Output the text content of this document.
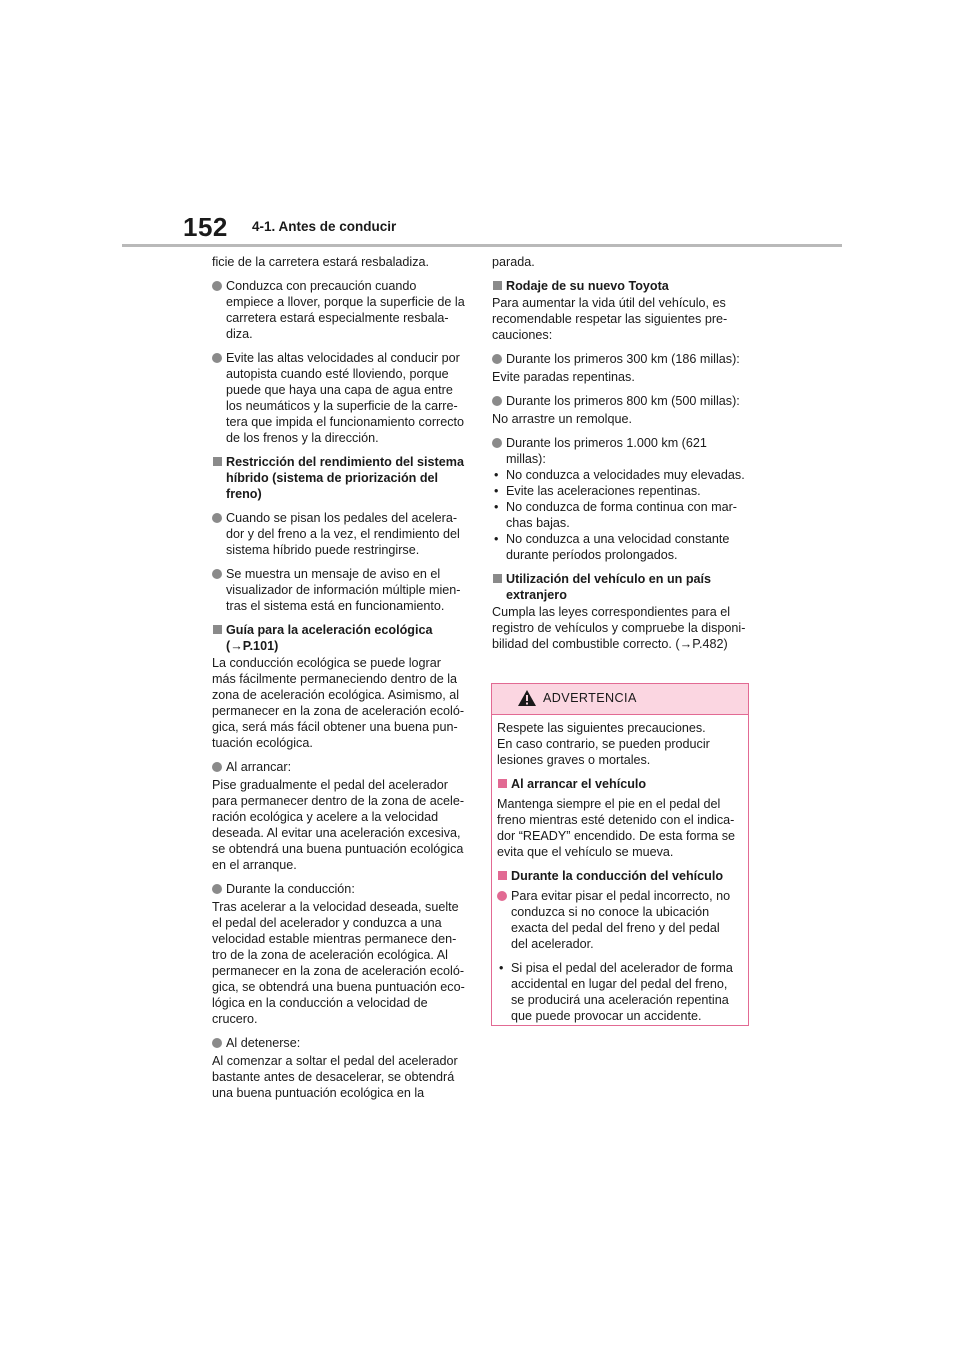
152 4-1. Antes de conducir

ficie de la carretera estará resbaladiza.

Conduzca con precaución cuando
empiece a llover, porque la superficie de la
carretera estará especialmente resbala-
diza.
Evite las altas velocidades al conducir por
autopista cuando esté lloviendo, porque
puede que haya una capa de agua entre
los neumáticos y la superficie de la carre-
tera que impida el funcionamiento correcto
de los frenos y la dirección.
Restricción del rendimiento del sistema
híbrido (sistema de priorización del
freno)
Cuando se pisan los pedales del acelera-
dor y del freno a la vez, el rendimiento del
sistema híbrido puede restringirse.
Se muestra un mensaje de aviso en el
visualizador de información múltiple mien-
tras el sistema está en funcionamiento.
Guía para la aceleración ecológica
(→P.101)

La conducción ecológica se puede lograr
más fácilmente permaneciendo dentro de la
zona de aceleración ecológica. Asimismo, al
permanecer en la zona de aceleración ecoló-
gica, será más fácil obtener una buena pun-
tuación ecológica.

Al arrancar:

Pise gradualmente el pedal del acelerador
para permanecer dentro de la zona de acele-
ración ecológica y acelere a la velocidad
deseada. Al evitar una aceleración excesiva,
se obtendrá una buena puntuación ecológica
en el arranque.

Durante la conducción:

Tras acelerar a la velocidad deseada, suelte
el pedal del acelerador y conduzca a una
velocidad estable mientras permanece den-
tro de la zona de aceleración ecológica. Al
permanecer en la zona de aceleración ecoló-
gica, se obtendrá una buena puntuación eco-
lógica en la conducción a velocidad de
crucero.

Al detenerse:

Al comenzar a soltar el pedal del acelerador
bastante antes de desacelerar, se obtendrá
una buena puntuación ecológica en la

parada.

Rodaje de su nuevo Toyota

Para aumentar la vida útil del vehículo, es
recomendable respetar las siguientes pre-
cauciones:

Durante los primeros 300 km (186 millas):

Evite paradas repentinas.

Durante los primeros 800 km (500 millas):

No arrastre un remolque.

Durante los primeros 1.000 km (621
millas):
• No conduzca a velocidades muy elevadas.
• Evite las aceleraciones repentinas.
• No conduzca de forma continua con mar-
chas bajas.
• No conduzca a una velocidad constante
durante períodos prolongados.
Utilización del vehículo en un país
extranjero

Cumpla las leyes correspondientes para el
registro de vehículos y compruebe la disponi-
bilidad del combustible correcto. (→P.482)

ADVERTENCIA

Respete las siguientes precauciones.
En caso contrario, se pueden producir
lesiones graves o mortales.

Al arrancar el vehículo

Mantenga siempre el pie en el pedal del
freno mientras esté detenido con el indica-
dor “READY” encendido. De esta forma se
evita que el vehículo se mueva.

Durante la conducción del vehículo
Para evitar pisar el pedal incorrecto, no
conduzca si no conoce la ubicación
exacta del pedal del freno y del pedal
del acelerador.
• Si pisa el pedal del acelerador de forma
accidental en lugar del pedal del freno,
se producirá una aceleración repentina
que puede provocar un accidente.
